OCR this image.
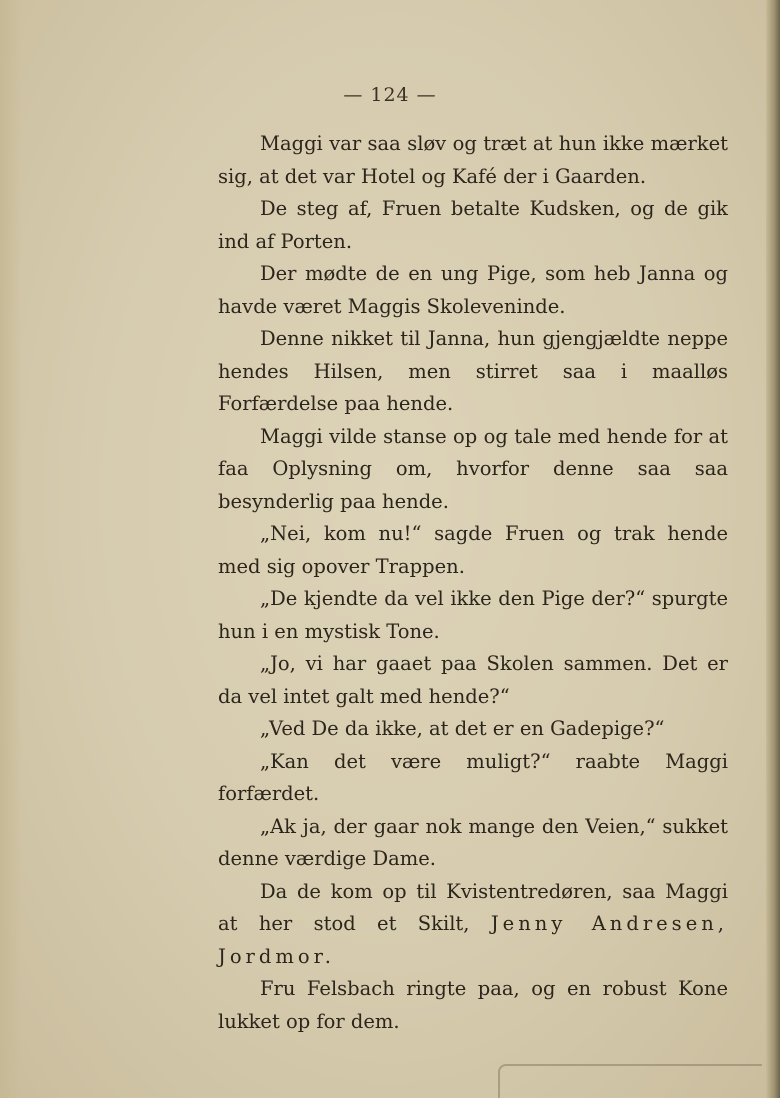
— 124 —

Maggi var saa sløv og træt at hun ikke mærket sig, at det var Hotel og Kafé der i Gaarden.

De steg af, Fruen betalte Kudsken, og de gik ind af Porten.

Der mødte de en ung Pige, som heb Janna og havde været Maggis Skoleveninde.

Denne nikket til Janna, hun gjengjældte neppe hendes Hilsen, men stirret saa i maalløs Forfærdelse paa hende.

Maggi vilde stanse op og tale med hende for at faa Oplysning om, hvorfor denne saa saa besynderlig paa hende.

„Nei, kom nu!“ sagde Fruen og trak hende med sig opover Trappen.

„De kjendte da vel ikke den Pige der?“ spurgte hun i en mystisk Tone.

„Jo, vi har gaaet paa Skolen sammen. Det er da vel intet galt med hende?“

„Ved De da ikke, at det er en Gadepige?“

„Kan det være muligt?“ raabte Maggi forfærdet.

„Ak ja, der gaar nok mange den Veien,“ sukket denne værdige Dame.

Da de kom op til Kvistentredøren, saa Maggi at her stod et Skilt, Jenny Andresen, Jordmor.

Fru Felsbach ringte paa, og en robust Kone lukket op for dem.
